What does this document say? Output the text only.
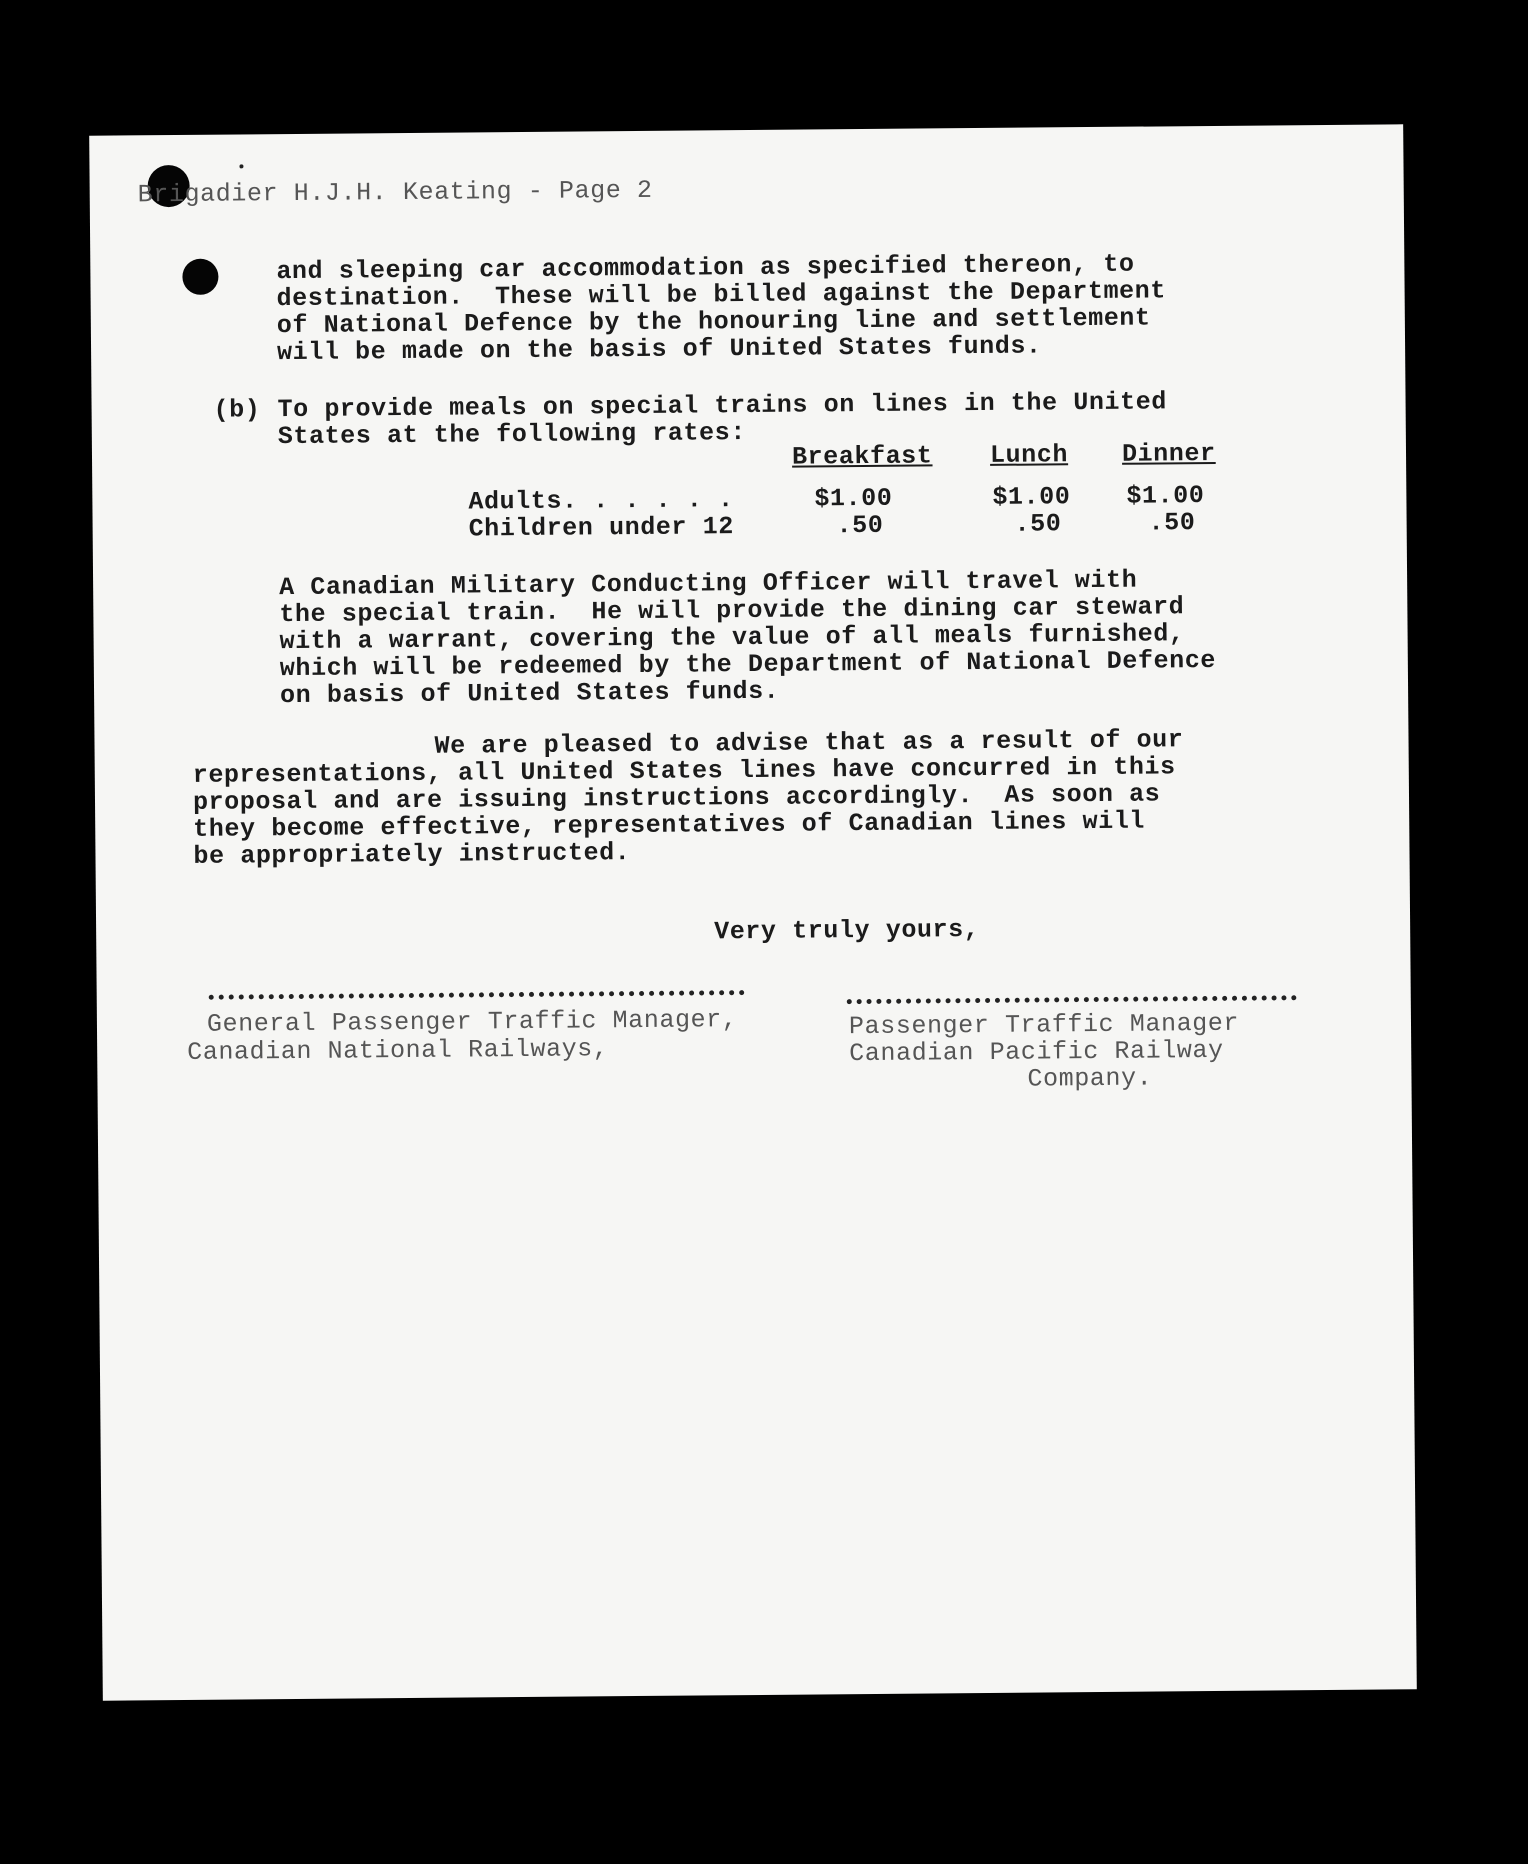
Brigadier H.J.H. Keating - Page 2

and sleeping car accommodation as specified thereon, to

destination.  These will be billed against the Department

of National Defence by the honouring line and settlement

will be made on the basis of United States funds.

(b) To provide meals on special trains on lines in the United

States at the following rates:

Breakfast Lunch Dinner

Adults. . . . . .	$1.00	$1.00 $1.00

Children under 12	.50	.50	.50

A Canadian Military Conducting Officer will travel with

the special train.  He will provide the dining car steward

with a warrant, covering the value of all meals furnished,

which will be redeemed by the Department of National Defence

on basis of United States funds.

We are pleased to advise that as a result of our

representations, all United States lines have concurred in this

proposal and are issuing instructions accordingly.  As soon as

they become effective, representatives of Canadian lines will

be appropriately instructed.

Very truly yours,

General Passenger Traffic Manager,

Canadian National Railways,

Passenger Traffic Manager

Canadian Pacific Railway

Company.
